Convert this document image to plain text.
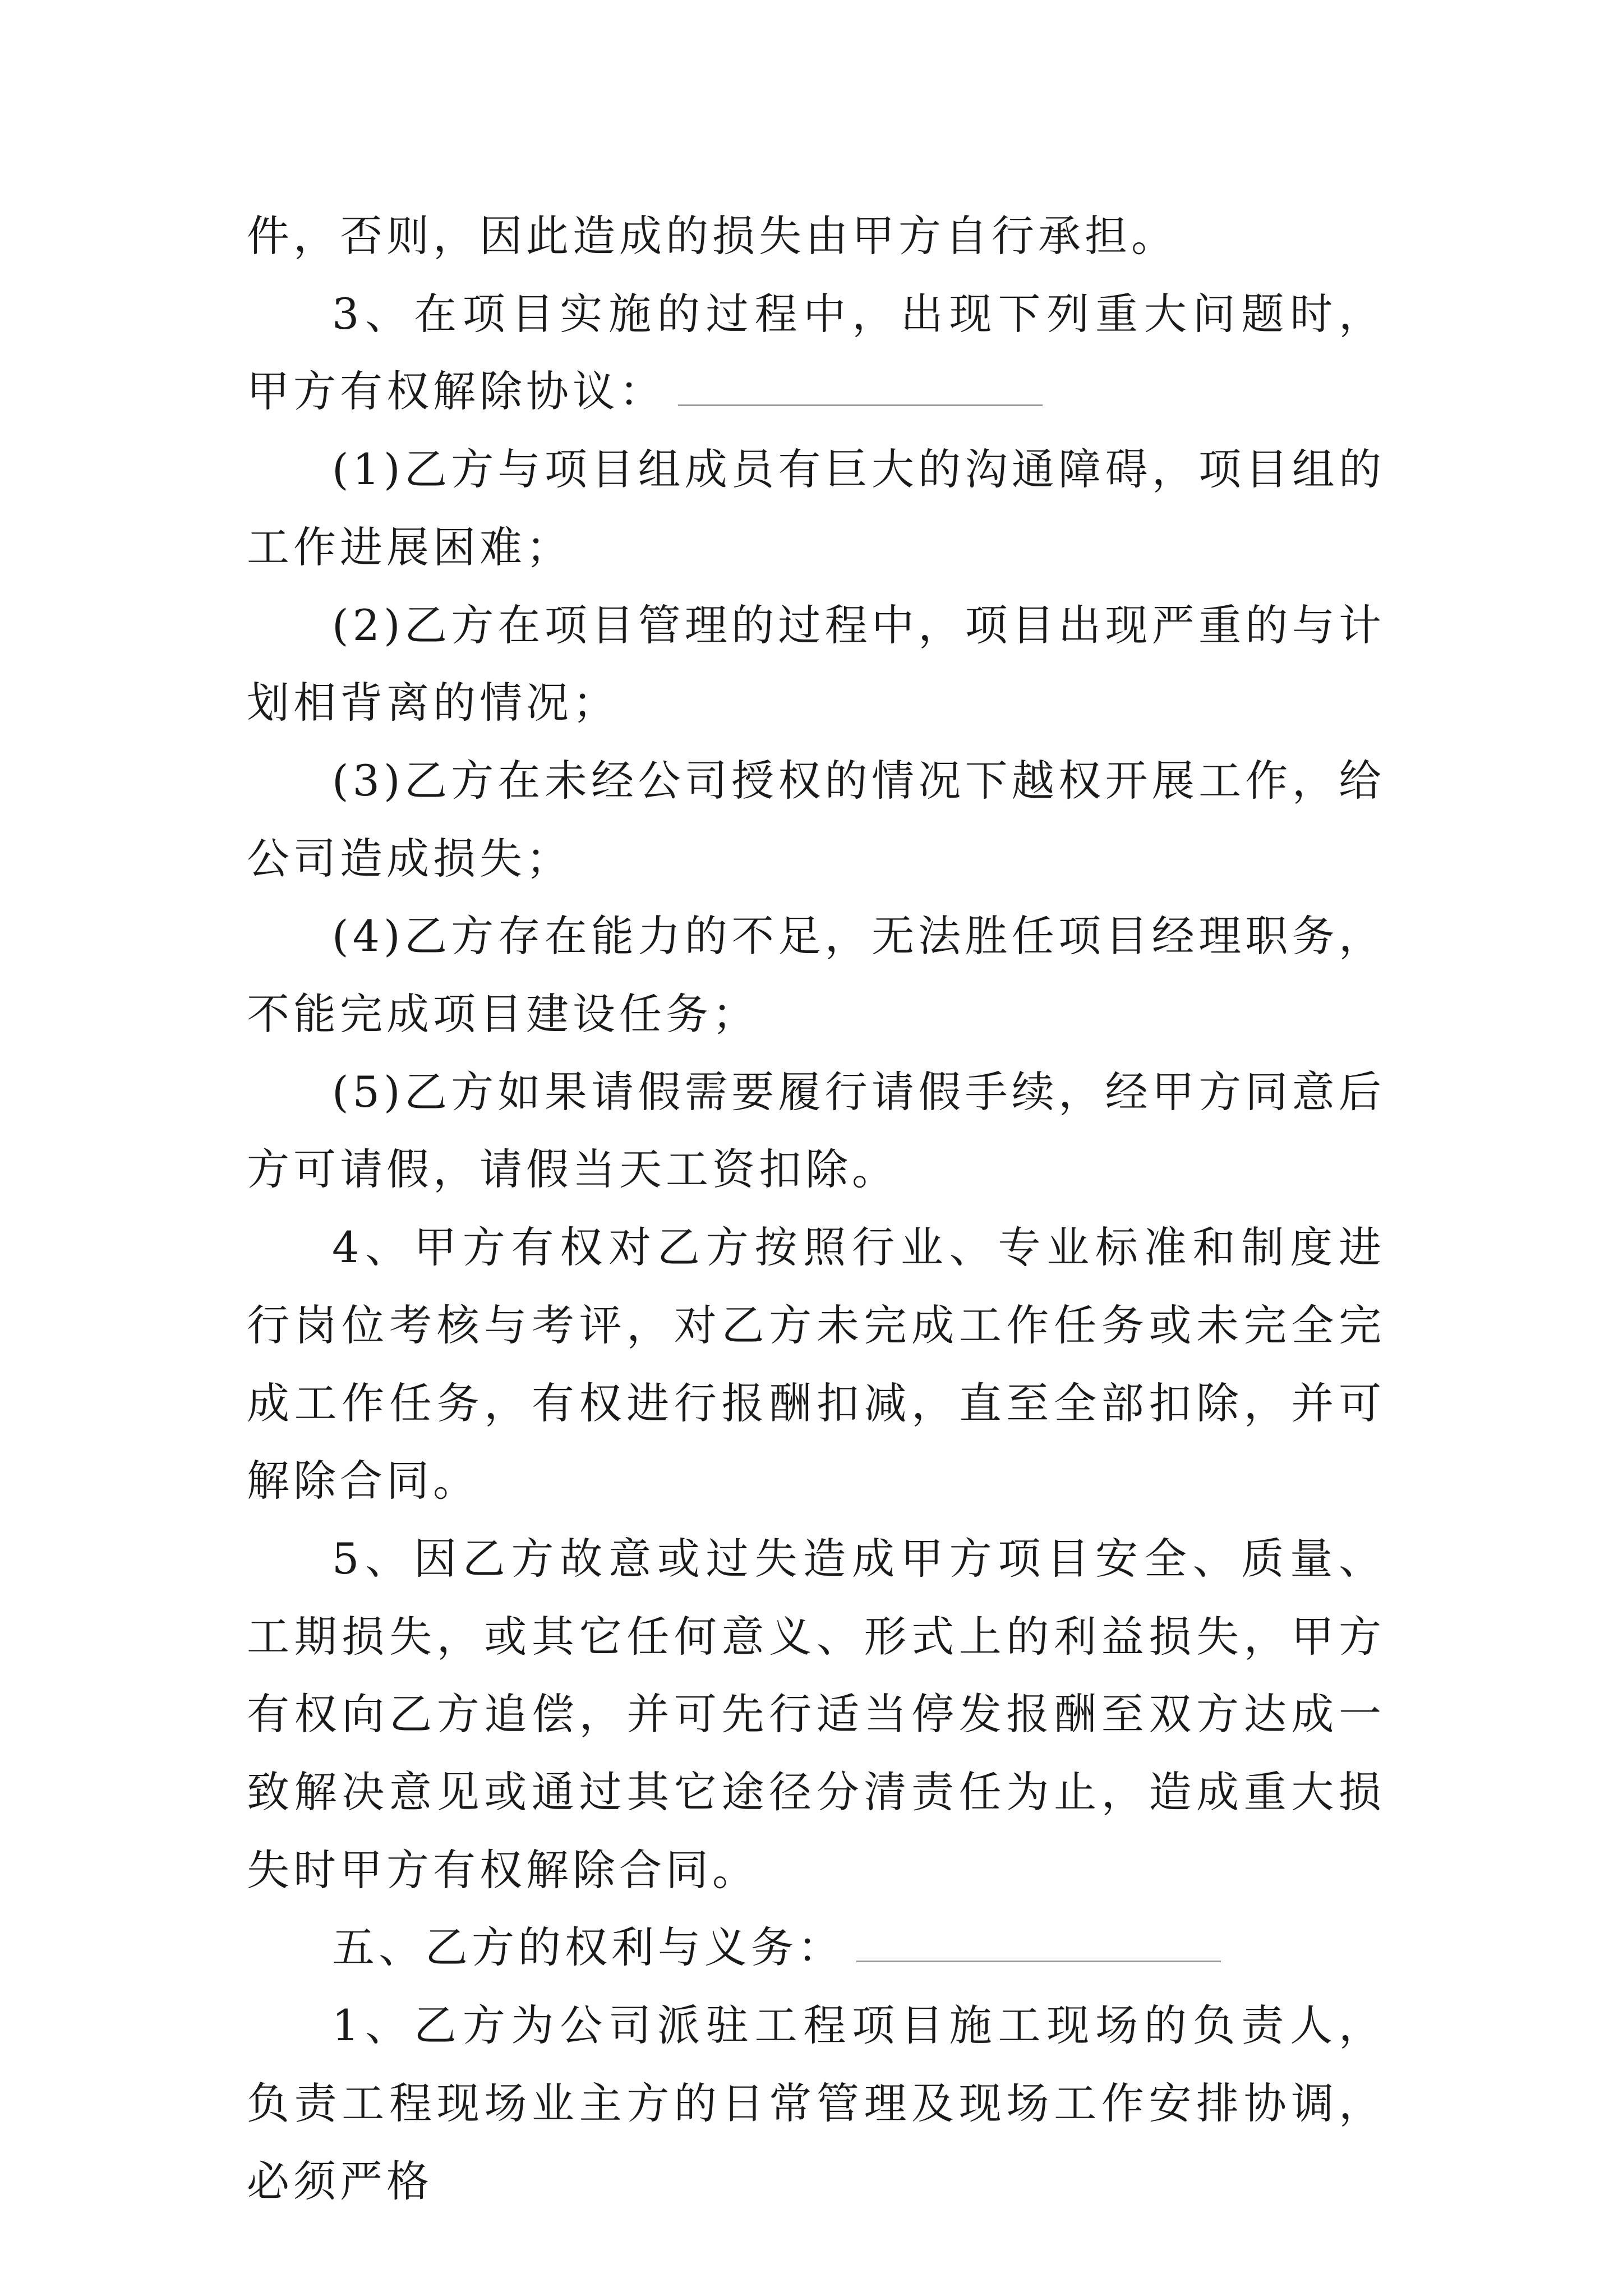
件，否则，因此造成的损失由甲方自行承担。

3、在项目实施的过程中，出现下列重大问题时，甲方有权解除协议：

(1)乙方与项目组成员有巨大的沟通障碍，项目组的工作进展困难；

(2)乙方在项目管理的过程中，项目出现严重的与计划相背离的情况；

(3)乙方在未经公司授权的情况下越权开展工作，给公司造成损失；

(4)乙方存在能力的不足，无法胜任项目经理职务，不能完成项目建设任务；

(5)乙方如果请假需要履行请假手续，经甲方同意后方可请假，请假当天工资扣除。

4、甲方有权对乙方按照行业、专业标准和制度进行岗位考核与考评，对乙方未完成工作任务或未完全完成工作任务，有权进行报酬扣减，直至全部扣除，并可解除合同。

5、因乙方故意或过失造成甲方项目安全、质量、工期损失，或其它任何意义、形式上的利益损失，甲方有权向乙方追偿，并可先行适当停发报酬至双方达成一致解决意见或通过其它途径分清责任为止，造成重大损失时甲方有权解除合同。

五、乙方的权利与义务：

1、乙方为公司派驻工程项目施工现场的负责人，负责工程现场业主方的日常管理及现场工作安排协调，必须严格
